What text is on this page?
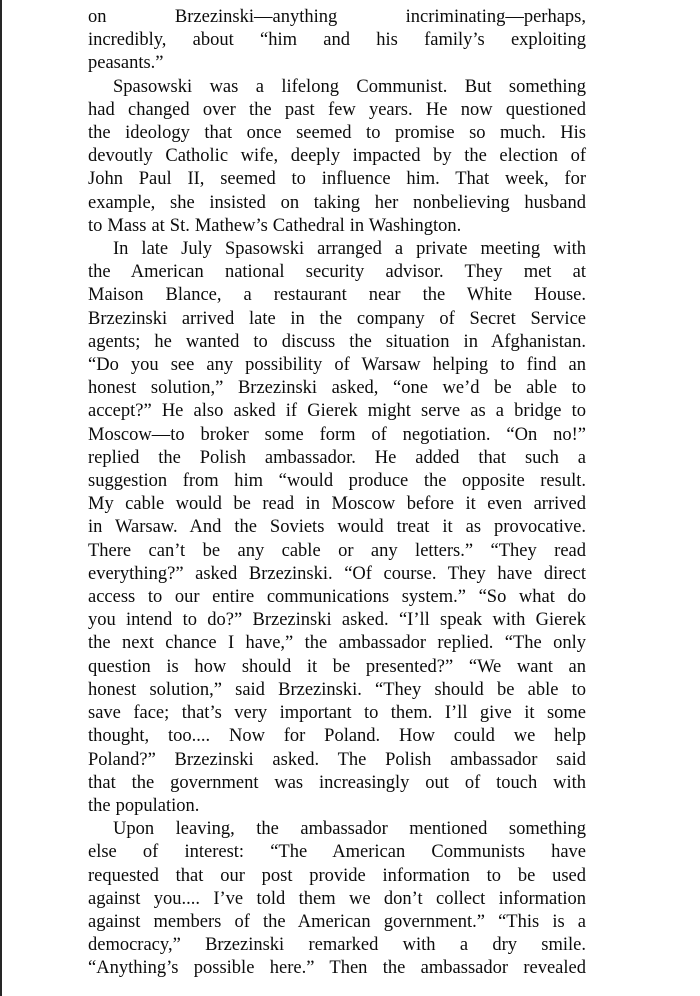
on Brzezinski—anything incriminating—perhaps,
incredibly, about “him and his family’s exploiting
peasants.”
Spasowski was a lifelong Communist. But something
had changed over the past few years. He now questioned
the ideology that once seemed to promise so much. His
devoutly Catholic wife, deeply impacted by the election of
John Paul II, seemed to influence him. That week, for
example, she insisted on taking her nonbelieving husband
to Mass at St. Mathew’s Cathedral in Washington.
In late July Spasowski arranged a private meeting with
the American national security advisor. They met at
Maison Blance, a restaurant near the White House.
Brzezinski arrived late in the company of Secret Service
agents; he wanted to discuss the situation in Afghanistan.
“Do you see any possibility of Warsaw helping to find an
honest solution,” Brzezinski asked, “one we’d be able to
accept?” He also asked if Gierek might serve as a bridge to
Moscow—to broker some form of negotiation. “On no!”
replied the Polish ambassador. He added that such a
suggestion from him “would produce the opposite result.
My cable would be read in Moscow before it even arrived
in Warsaw. And the Soviets would treat it as provocative.
There can’t be any cable or any letters.” “They read
everything?” asked Brzezinski. “Of course. They have direct
access to our entire communications system.” “So what do
you intend to do?” Brzezinski asked. “I’ll speak with Gierek
the next chance I have,” the ambassador replied. “The only
question is how should it be presented?” “We want an
honest solution,” said Brzezinski. “They should be able to
save face; that’s very important to them. I’ll give it some
thought, too.... Now for Poland. How could we help
Poland?” Brzezinski asked. The Polish ambassador said
that the government was increasingly out of touch with
the population.
Upon leaving, the ambassador mentioned something
else of interest: “The American Communists have
requested that our post provide information to be used
against you.... I’ve told them we don’t collect information
against members of the American government.” “This is a
democracy,” Brzezinski remarked with a dry smile.
“Anything’s possible here.” Then the ambassador revealed
